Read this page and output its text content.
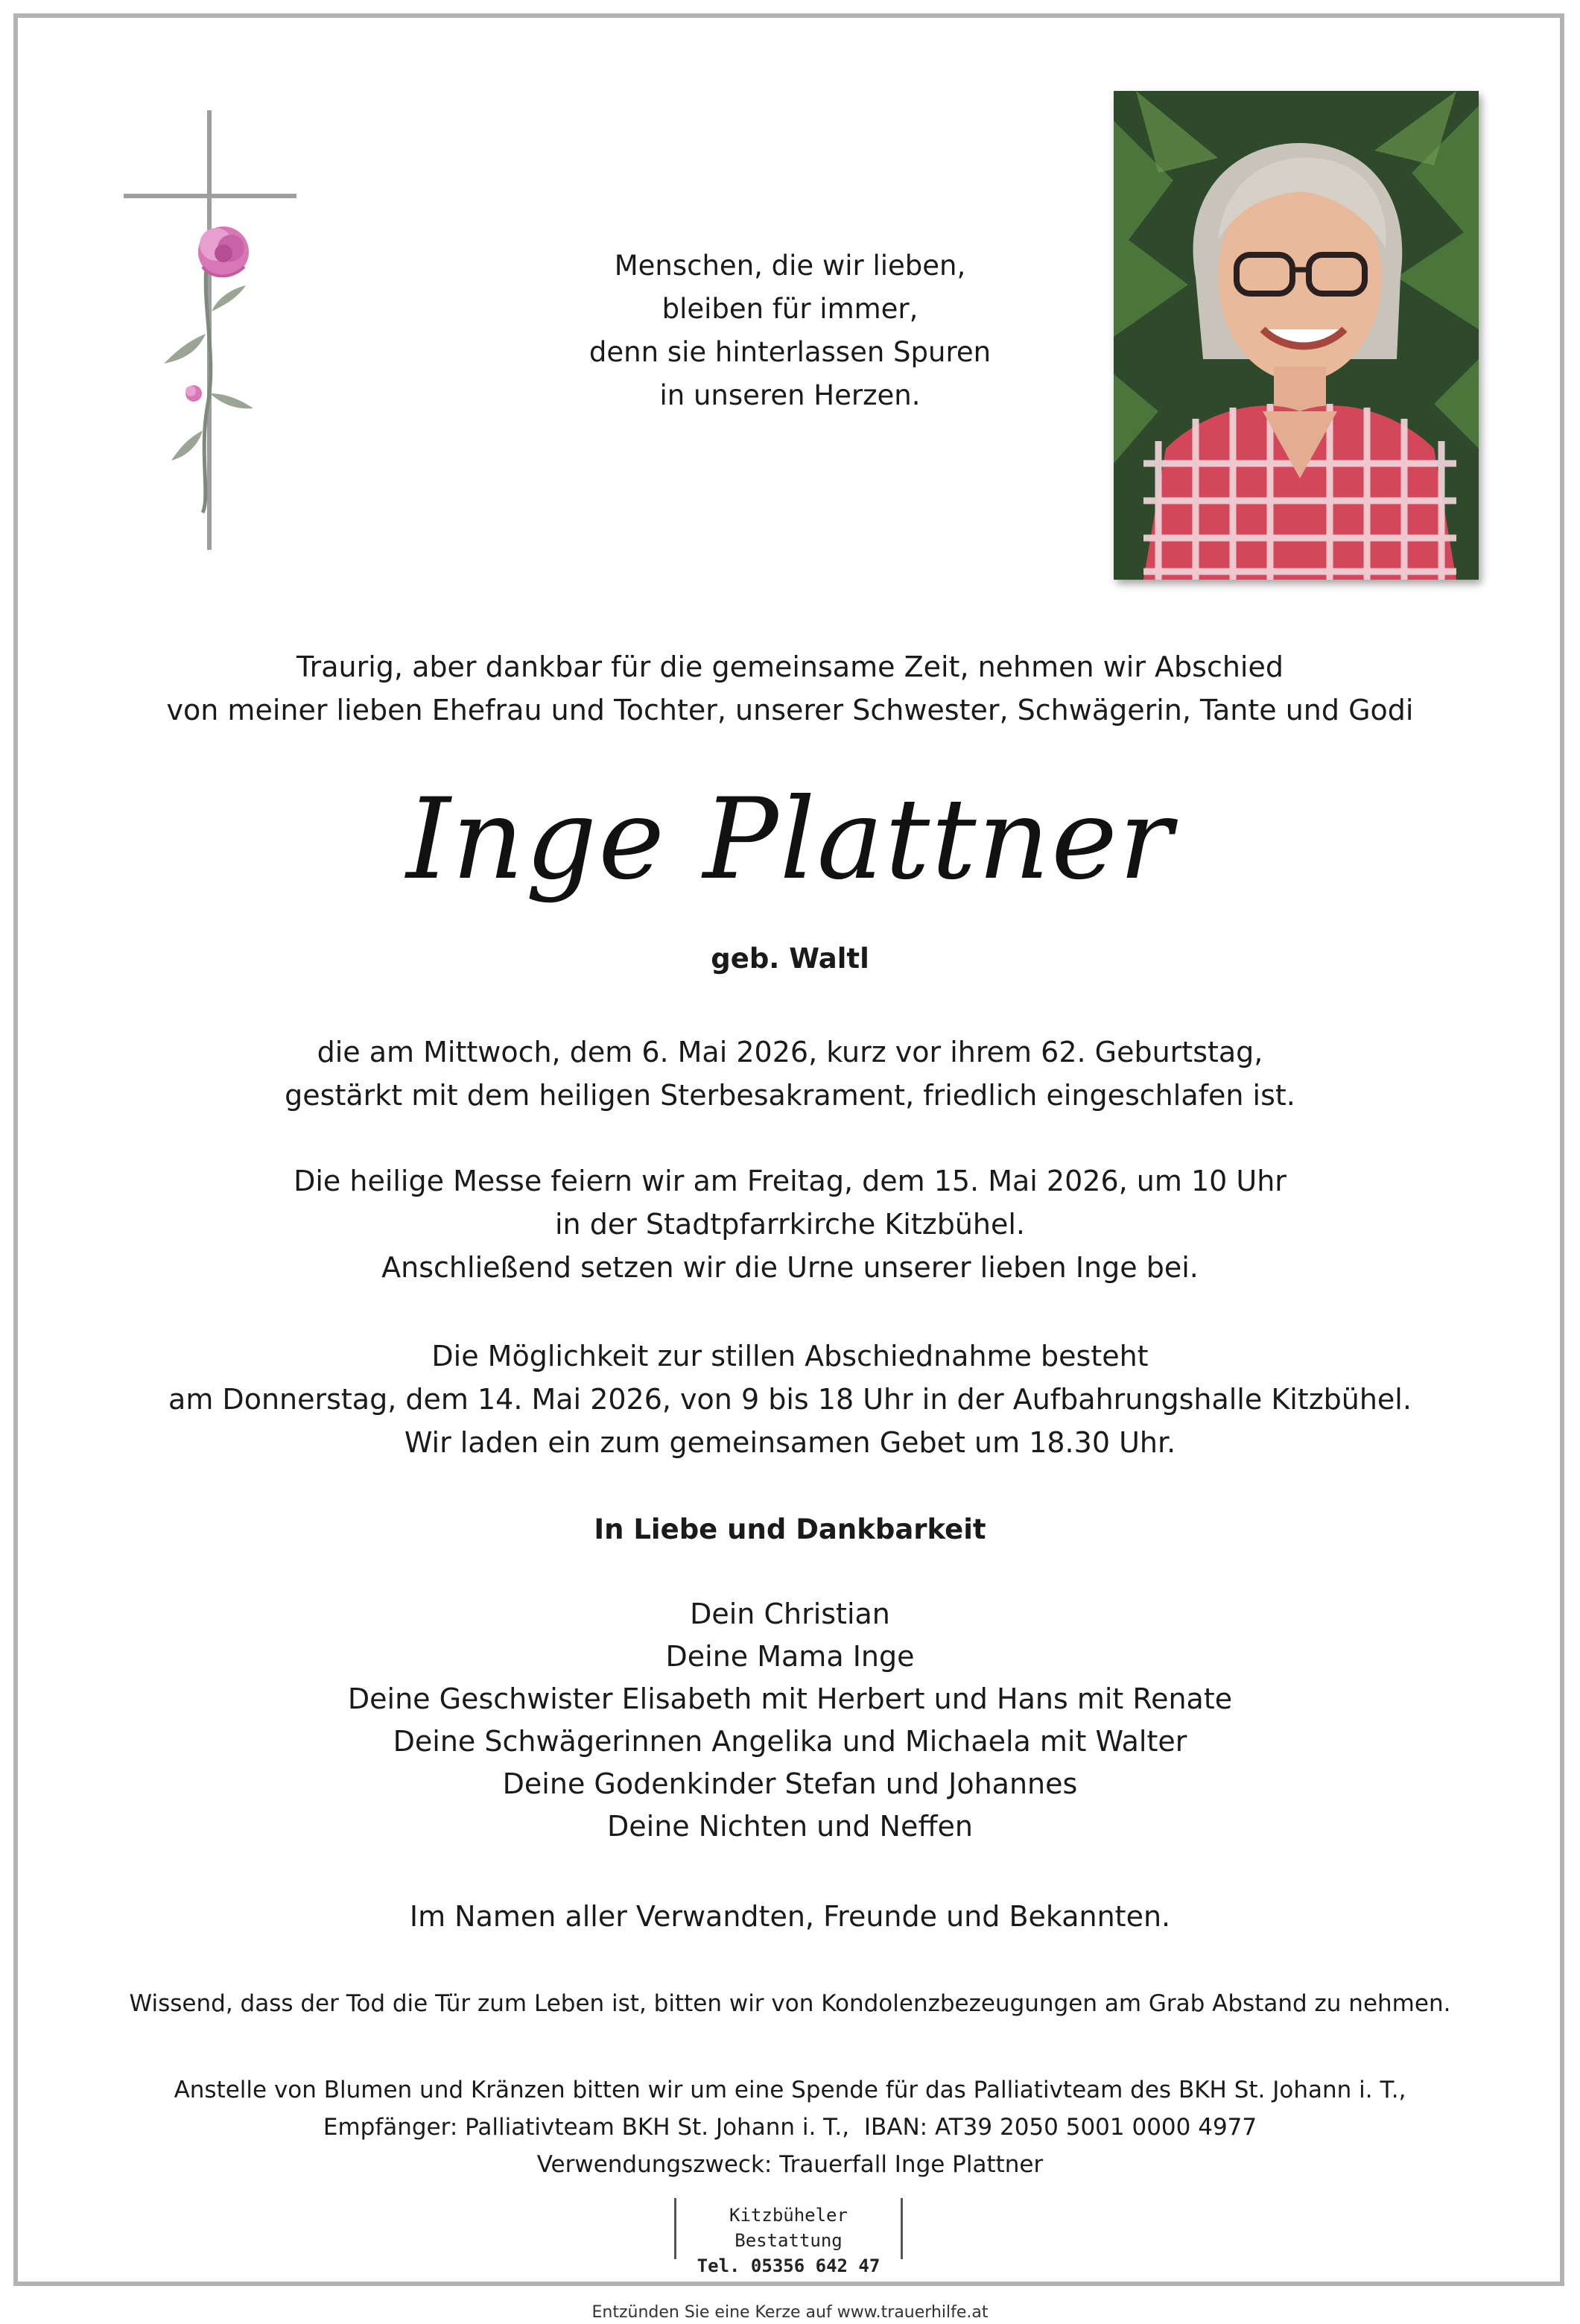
Menschen, die wir lieben,
bleiben für immer,
denn sie hinterlassen Spuren
in unseren Herzen.
Traurig, aber dankbar für die gemeinsame Zeit, nehmen wir Abschied
von meiner lieben Ehefrau und Tochter, unserer Schwester, Schwägerin, Tante und Godi
Inge Plattner
geb. Waltl
die am Mittwoch, dem 6. Mai 2026, kurz vor ihrem 62. Geburtstag,
gestärkt mit dem heiligen Sterbesakrament, friedlich eingeschlafen ist.
Die heilige Messe feiern wir am Freitag, dem 15. Mai 2026, um 10 Uhr
in der Stadtpfarrkirche Kitzbühel.
Anschließend setzen wir die Urne unserer lieben Inge bei.
Die Möglichkeit zur stillen Abschiednahme besteht
am Donnerstag, dem 14. Mai 2026, von 9 bis 18 Uhr in der Aufbahrungshalle Kitzbühel.
Wir laden ein zum gemeinsamen Gebet um 18.30 Uhr.
In Liebe und Dankbarkeit
Dein Christian
Deine Mama Inge
Deine Geschwister Elisabeth mit Herbert und Hans mit Renate
Deine Schwägerinnen Angelika und Michaela mit Walter
Deine Godenkinder Stefan und Johannes
Deine Nichten und Neffen
Im Namen aller Verwandten, Freunde und Bekannten.
Wissend, dass der Tod die Tür zum Leben ist, bitten wir von Kondolenzbezeugungen am Grab Abstand zu nehmen.
Anstelle von Blumen und Kränzen bitten wir um eine Spende für das Palliativteam des BKH St. Johann i. T.,
Empfänger: Palliativteam BKH St. Johann i. T.,  IBAN: AT39 2050 5001 0000 4977
Verwendungszweck: Trauerfall Inge Plattner
Kitzbüheler Bestattung
Tel. 05356 642 47
Entzünden Sie eine Kerze auf www.trauerhilfe.at
